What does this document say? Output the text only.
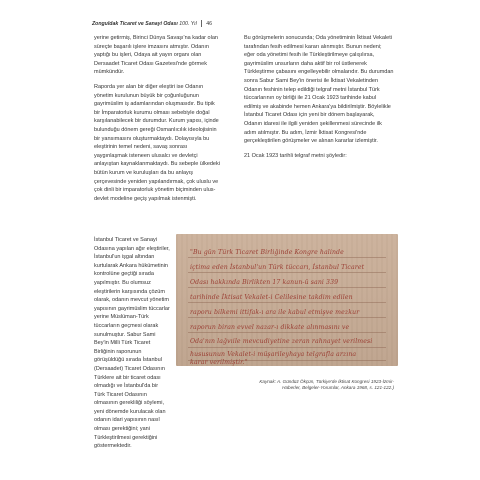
Zonguldak Ticaret ve Sanayi Odası 100. Yıl 46

yerine getirmiş, Birinci Dünya Savaşı'na kadar olan süreçte başarılı işlere imzasını atmıştır. Odanın yaptığı bu işleri, Odaya ait yayın organı olan Dersaadet Ticaret Odası Gazetesi'nde görmek mümkündür.

Raporda yer alan bir diğer eleştiri ise Odanın yönetim kurulunun büyük bir çoğunluğunun gayrimüslim iş adamlarından oluşmasıdır. Bu tipik bir İmparatorluk kurumu olması sebebiyle doğal karşılanabilecek bir durumdur. Kurum yapısı, içinde bulunduğu dönem gereği Osmanlıcılık ideolojisinin bir yansımasını oluşturmaktaydı. Dolayısıyla bu eleştirinin temel nedeni, savaş sonrası yaygınlaşmak isteneen ulusalcı ve devletçi anlayıştan kaynaklanmaktaydı. Bu sebeple ülkedeki bütün kurum ve kuruluşları da bu anlayış çerçevesinde yeniden yapılandırmak, çok uluslu ve çok dinli bir imparatorluk yönetim biçiminden ulus-devlet modeline geçiş yapılmak istenmişti.

İstanbul Ticaret ve Sanayi Odasına yapılan ağır eleştiriler, İstanbul'un işgal altından kurtularak Ankara hükümetinin kontrolüne geçtiği sırada yapılmıştır. Bu olumsuz eleştirilerin karşısında çözüm olarak, odanın mevcut yönetim yapısının gayrimüslim tüccarlar yerine Müslüman-Türk tüccarların geçmesi olarak sunulmuştur. Sabur Sami Bey'in Milli Türk Ticaret Birliğinin raporunun görüşüldüğü sırada İstanbul (Dersaadet) Ticaret Odasının Türklere ait bir ticaret odası olmadığı ve İstanbul'da bir Türk Ticaret Odasının olmasının gerekliliği söylemi, yeni dönemde kurulacak olan odanın idari yapısının nasıl olması gerektiğini; yani Türkleştirilmesi gerektiğini göstermektedir.

Bu görüşmelerin sonucunda; Oda yönetiminin İktisat Vekaleti tarafından fesih edilmesi kararı alınmıştır. Bunun nedeni; eğer oda yönetimi fesih ile Türkleştirilmeye çalışılırsa, gayrimüslim unsurların daha aktif bir rol üstlenerek Türkleştirme çabasını engelleyebilir olmalarıdır. Bu durumdan sonra Sabur Sami Bey'in önerisi ile İktisat Vekaletinden Odanın feshinin telep edildiği telgraf metni İstanbul Türk tüccarlarının oy birliği ile 21 Ocak 1923 tarihinde kabul edilmiş ve akabinde hemen Ankara'ya bildirilmiştir. Böylelikle İstanbul Ticaret Odası için yeni bir dönem başlayarak, Odanın idaresi ile ilgili yeniden şekillenmesi sürecinde ilk adım atılmıştır. Bu adım, İzmir İktisat Kongresi'nde gerçekleştirilen görüşmeler ve alınan kararlar izlemiştir.

21 Ocak 1923 tarihli telgraf metni şöyledir:

"Bu gün Türk Ticaret Birliğinde Kongre halinde
içtima eden İstanbul'un Türk tüccarı, İstanbul Ticaret
Odası hakkında Birlikten 17 kanun-ü sani 339
tarihinde İktisat Vekalet-i Celilesine takdim edilen
raporu bilkemi ittifak-ı ara ile kabul etmişve mezkur
raporun biran evvel nazar-ı dikkate alınmasını ve
Oda'nın lağvıile mevcudiyetine zeran rahnayet verilmesi
hususunun Vekalet-i müşarileyhaya telgrafla arzına
karar verilmiştir."
Kaynak: A. Gündüz Ökçün, Türkiye'de İktisat Kongresi 1923-İzmir-Haberler, Belgeler-Yorumlar, Ankara 1968, s. 121-122.)
